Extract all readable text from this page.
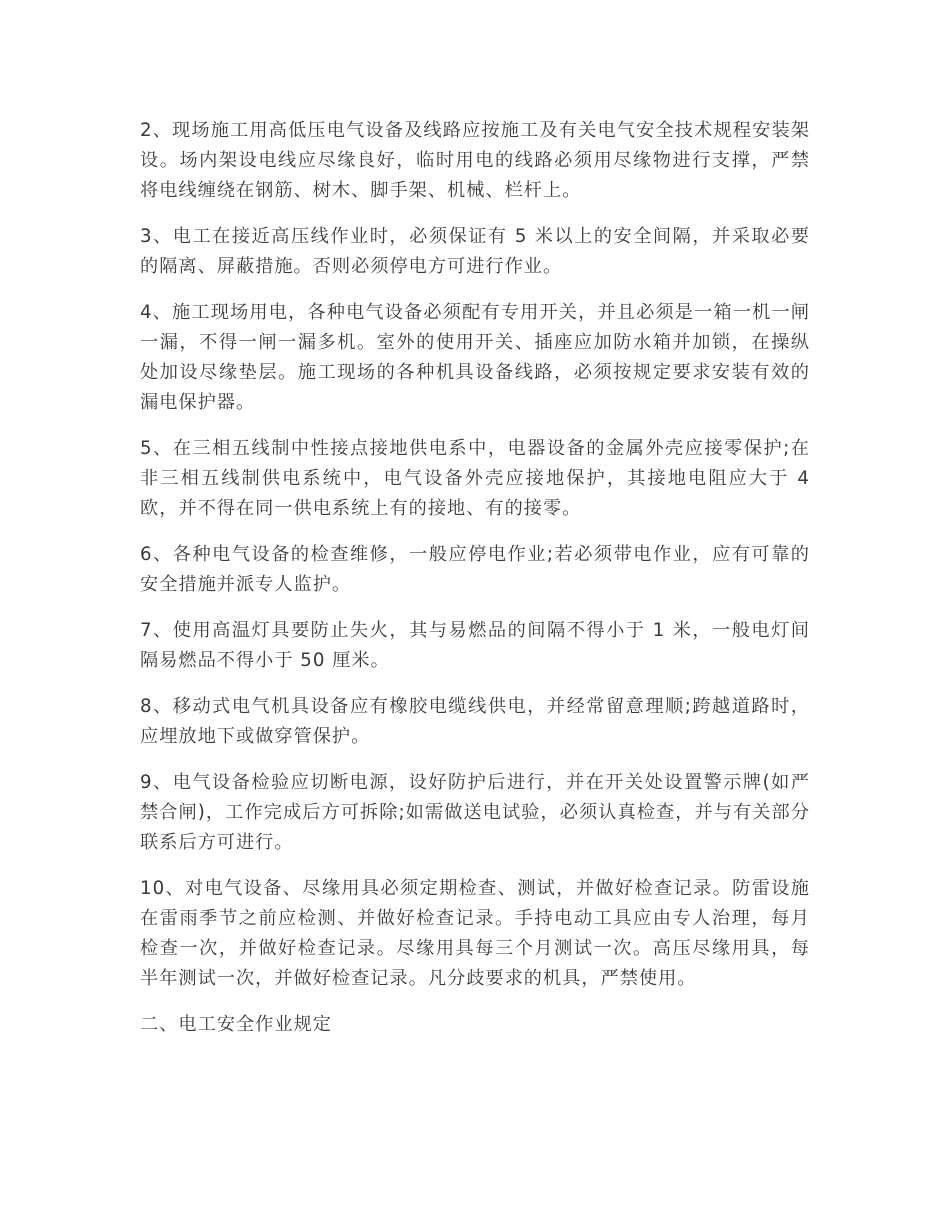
2、现场施工用高低压电气设备及线路应按施工及有关电气安全技术规程安装架设。场内架设电线应尽缘良好，临时用电的线路必须用尽缘物进行支撑，严禁将电线缠绕在钢筋、树木、脚手架、机械、栏杆上。

3、电工在接近高压线作业时，必须保证有 5 米以上的安全间隔，并采取必要的隔离、屏蔽措施。否则必须停电方可进行作业。

4、施工现场用电，各种电气设备必须配有专用开关，并且必须是一箱一机一闸一漏，不得一闸一漏多机。室外的使用开关、插座应加防水箱并加锁，在操纵处加设尽缘垫层。施工现场的各种机具设备线路，必须按规定要求安装有效的漏电保护器。

5、在三相五线制中性接点接地供电系中，电器设备的金属外壳应接零保护;在非三相五线制供电系统中，电气设备外壳应接地保护，其接地电阻应大于 4 欧，并不得在同一供电系统上有的接地、有的接零。

6、各种电气设备的检查维修，一般应停电作业;若必须带电作业，应有可靠的安全措施并派专人监护。

7、使用高温灯具要防止失火，其与易燃品的间隔不得小于 1 米，一般电灯间隔易燃品不得小于 50 厘米。

8、移动式电气机具设备应有橡胶电缆线供电，并经常留意理顺;跨越道路时，应埋放地下或做穿管保护。

9、电气设备检验应切断电源，设好防护后进行，并在开关处设置警示牌(如严禁合闸)，工作完成后方可拆除;如需做送电试验，必须认真检查，并与有关部分联系后方可进行。

10、对电气设备、尽缘用具必须定期检查、测试，并做好检查记录。防雷设施在雷雨季节之前应检测、并做好检查记录。手持电动工具应由专人治理，每月检查一次，并做好检查记录。尽缘用具每三个月测试一次。高压尽缘用具，每半年测试一次，并做好检查记录。凡分歧要求的机具，严禁使用。

二、电工安全作业规定
